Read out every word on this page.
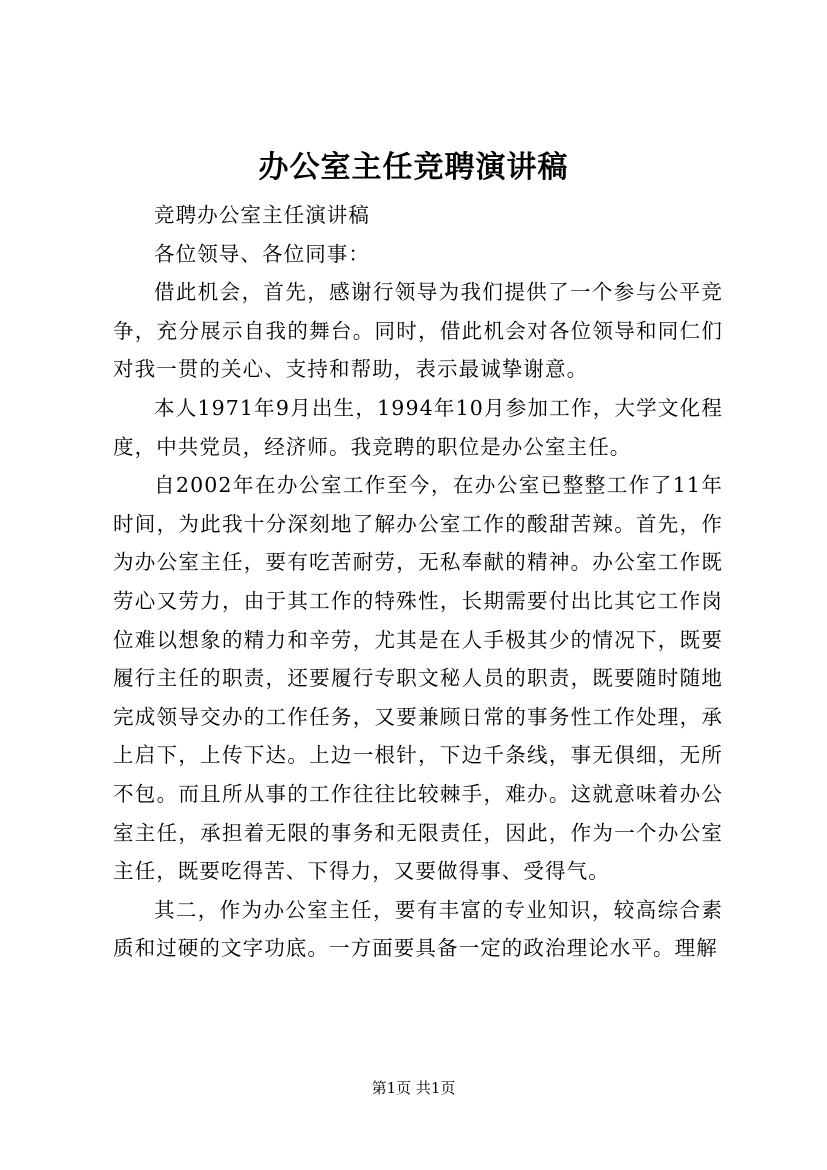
办公室主任竞聘演讲稿

竞聘办公室主任演讲稿

各位领导、各位同事：

借此机会，首先，感谢行领导为我们提供了一个参与公平竞争，充分展示自我的舞台。同时，借此机会对各位领导和同仁们对我一贯的关心、支持和帮助，表示最诚挚谢意。

本人1971年9月出生，1994年10月参加工作，大学文化程度，中共党员，经济师。我竞聘的职位是办公室主任。

自2002年在办公室工作至今，在办公室已整整工作了11年时间，为此我十分深刻地了解办公室工作的酸甜苦辣。首先，作为办公室主任，要有吃苦耐劳，无私奉献的精神。办公室工作既劳心又劳力，由于其工作的特殊性，长期需要付出比其它工作岗位难以想象的精力和辛劳，尤其是在人手极其少的情况下，既要履行主任的职责，还要履行专职文秘人员的职责，既要随时随地完成领导交办的工作任务，又要兼顾日常的事务性工作处理，承上启下，上传下达。上边一根针，下边千条线，事无俱细，无所不包。而且所从事的工作往往比较棘手，难办。这就意味着办公室主任，承担着无限的事务和无限责任，因此，作为一个办公室主任，既要吃得苦、下得力，又要做得事、受得气。

其二，作为办公室主任，要有丰富的专业知识，较高综合素质和过硬的文字功底。一方面要具备一定的政治理论水平。理解

第1页 共1页
